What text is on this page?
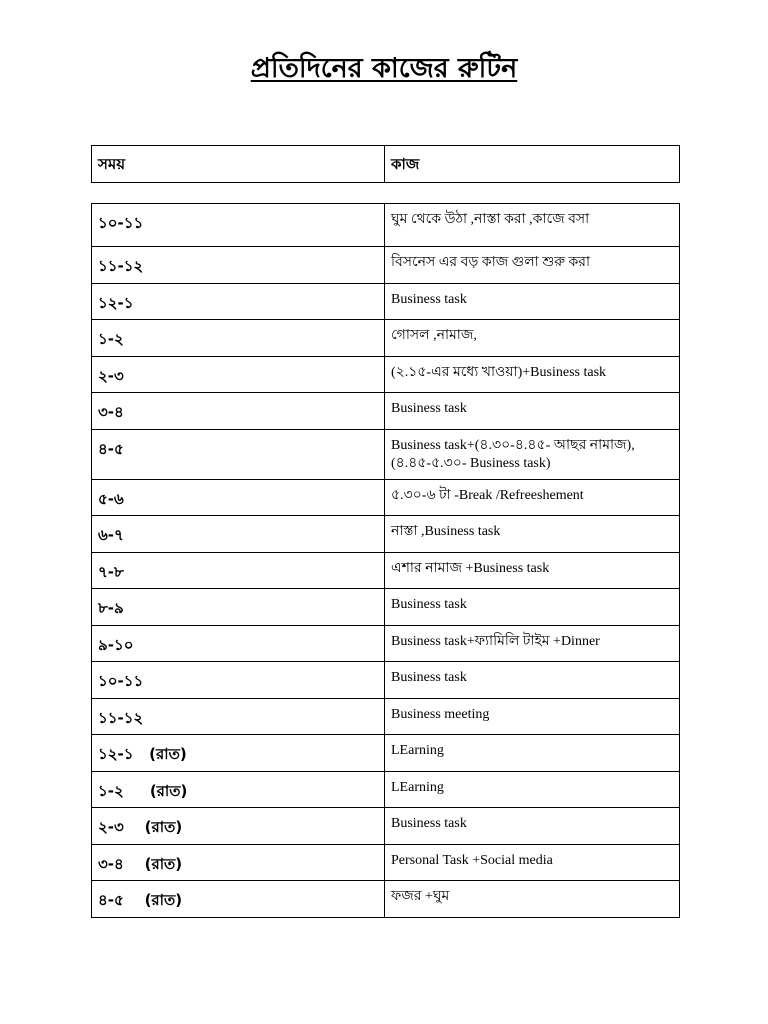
প্রতিদিনের কাজের রুটিন
সময়	কাজ
১০-১১	ঘুম থেকে উঠা ,নাস্তা করা ,কাজে বসা
১১-১২	বিসনেস এর বড় কাজ গুলা শুরু করা
১২-১	Business task
১-২	গোসল ,নামাজ,
২-৩	(২.১৫-এর মধ্যে খাওয়া)+Business task
৩-৪	Business task
৪-৫	Business task+(৪.৩০-৪.৪৫- আছর নামাজ),(৪.৪৫-৫.৩০- Business task)
৫-৬	৫.৩০-৬ টা -Break /Refreeshement
৬-৭	নাস্তা ,Business task
৭-৮	এশার নামাজ +Business task
৮-৯	Business task
৯-১০	Business task+ফ্যামিলি টাইম +Dinner
১০-১১	Business task
১১-১২	Business meeting
১২-১   (রাত)	LEarning
১-২     (রাত)	LEarning
২-৩    (রাত)	Business task
৩-৪    (রাত)	Personal Task +Social media
৪-৫    (রাত)	ফজর +ঘুম
